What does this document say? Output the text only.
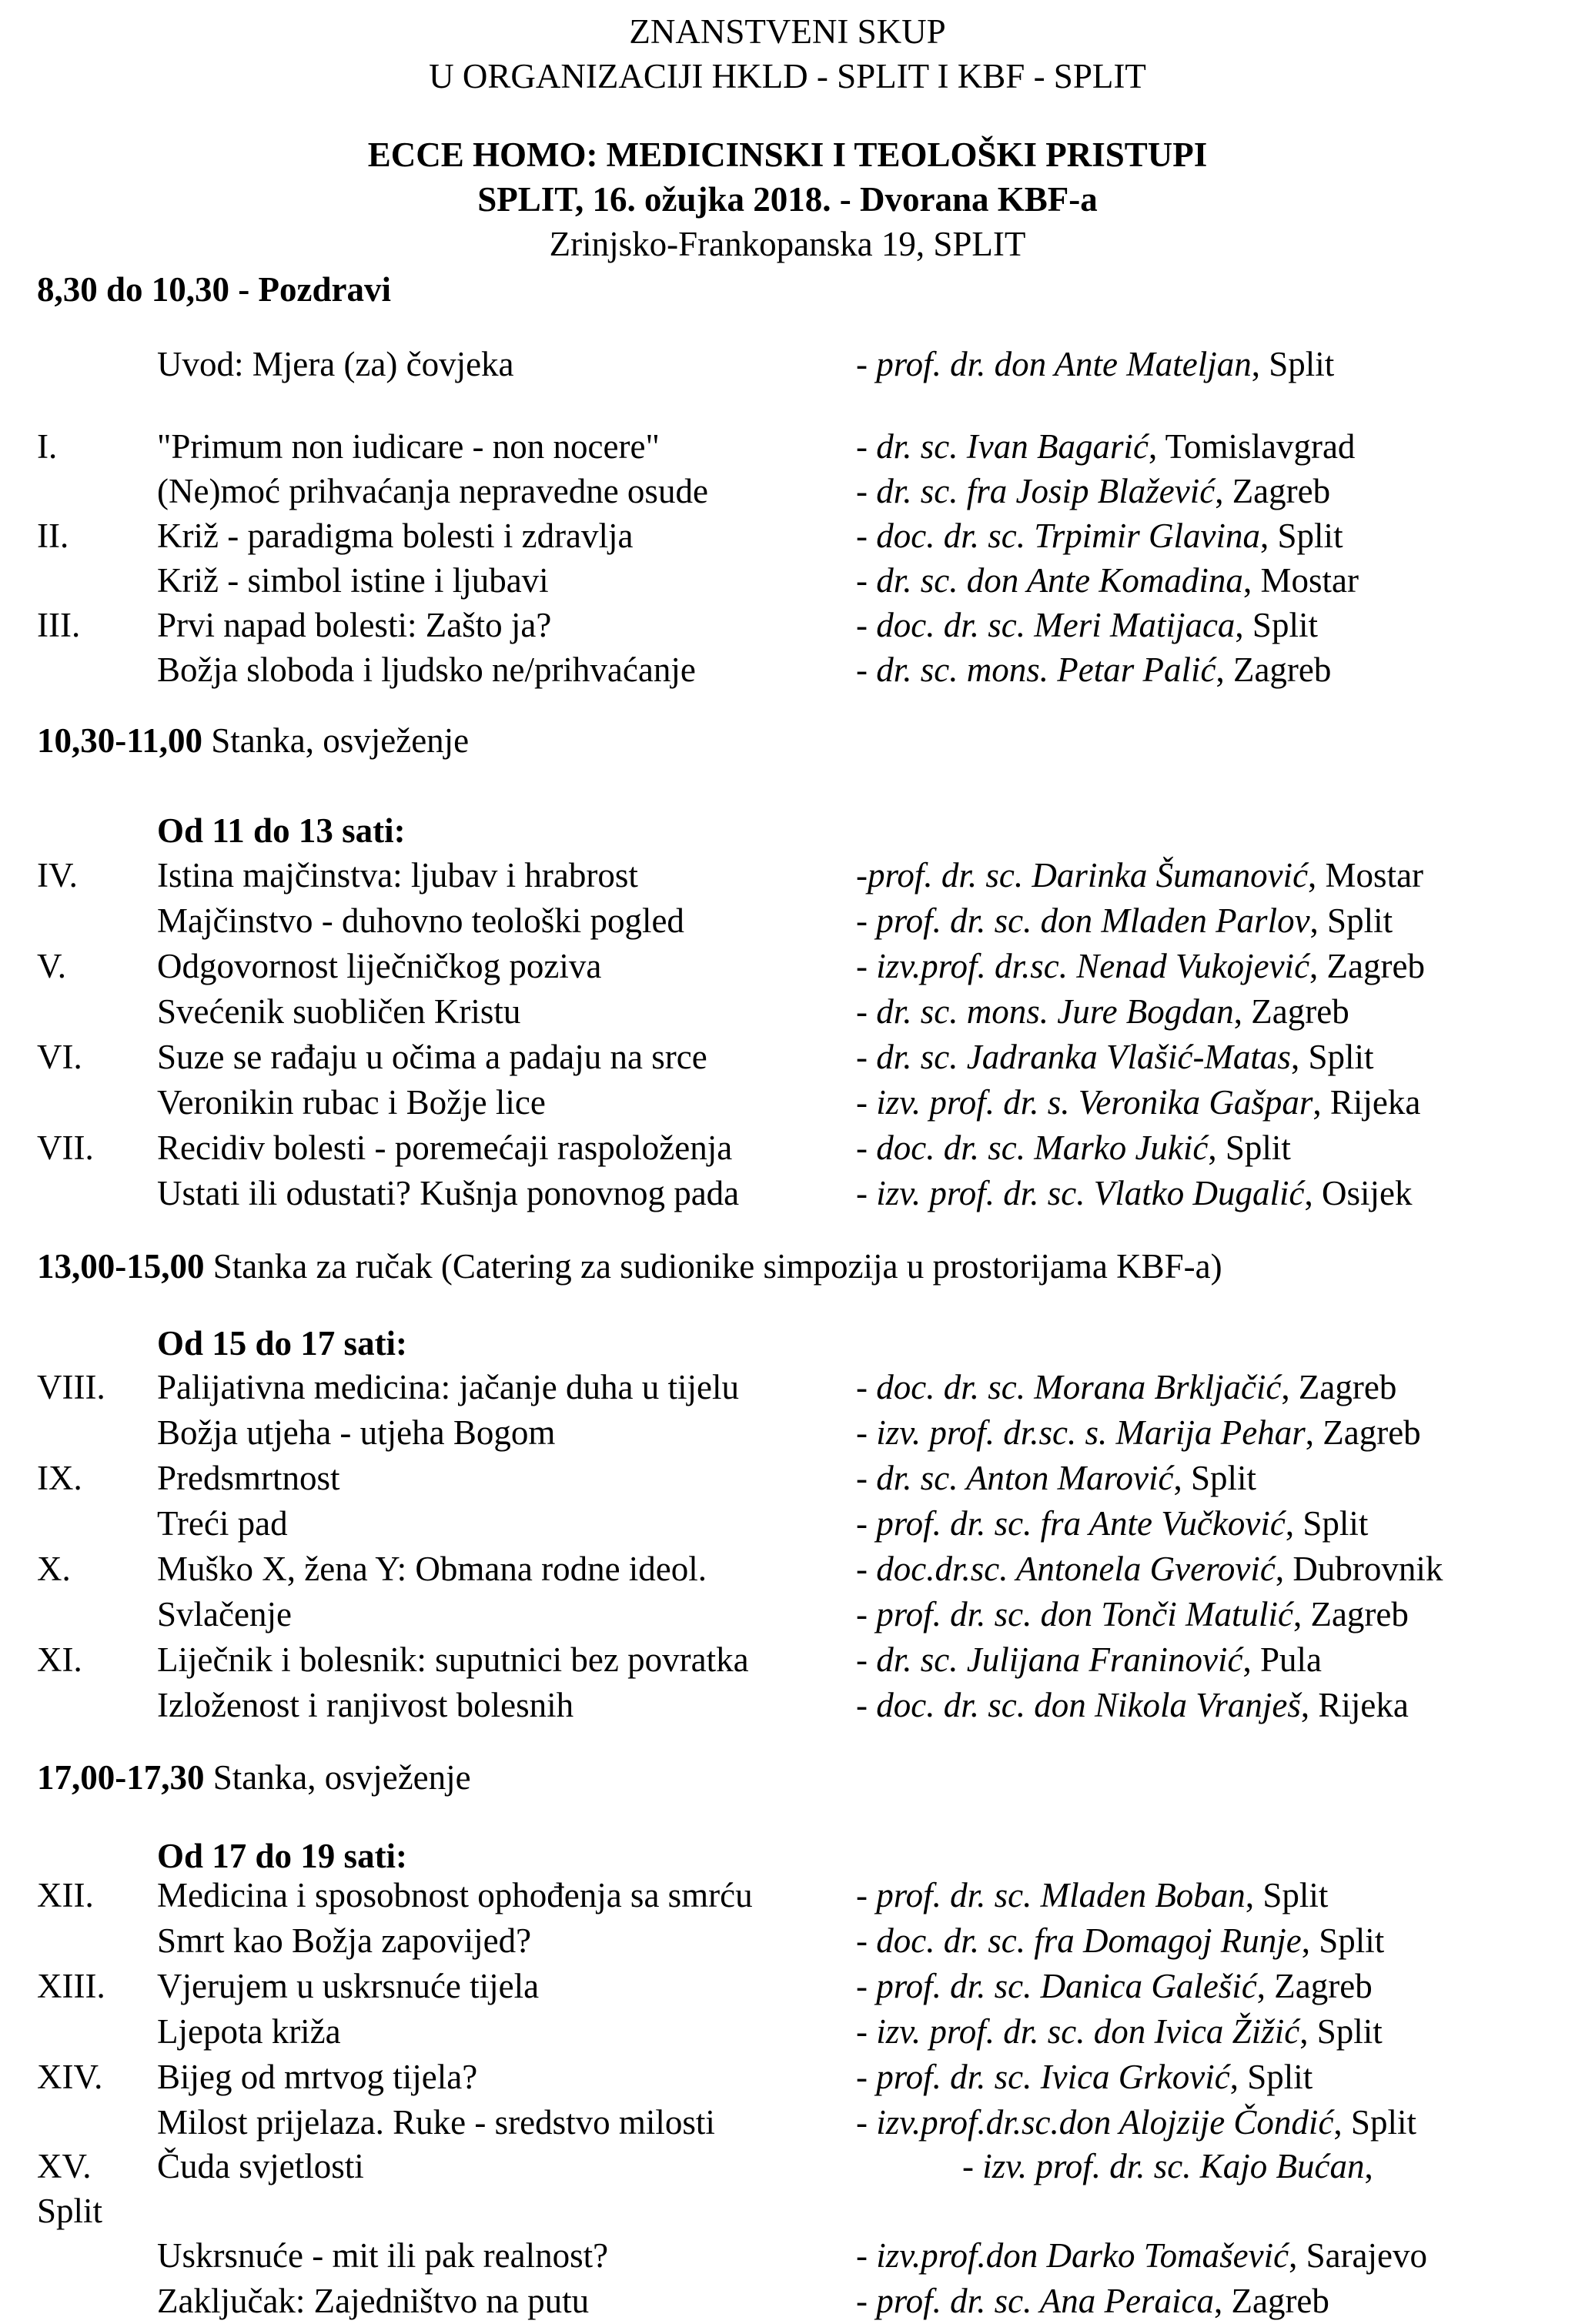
ZNANSTVENI SKUP
U ORGANIZACIJI HKLD - SPLIT I KBF - SPLIT
ECCE HOMO: MEDICINSKI I TEOLOŠKI PRISTUPI
SPLIT, 16. ožujka 2018. - Dvorana KBF-a
Zrinjsko-Frankopanska 19, SPLIT
8,30 do 10,30 - Pozdravi
Uvod: Mjera (za) čovjeka	- prof. dr. don Ante Mateljan, Split
I.	"Primum non iudicare - non nocere"	- dr. sc. Ivan Bagarić, Tomislavgrad
(Ne)moć prihvaćanja nepravedne osude	- dr. sc. fra Josip Blažević, Zagreb
II.	Križ - paradigma bolesti i zdravlja	- doc. dr. sc. Trpimir Glavina, Split
Križ - simbol istine i ljubavi	- dr. sc. don Ante Komadina, Mostar
III. Prvi napad bolesti: Zašto ja?	- doc. dr. sc. Meri Matijaca, Split
Božja sloboda i ljudsko ne/prihvaćanje	- dr. sc. mons. Petar Palić, Zagreb
10,30-11,00 Stanka, osvježenje
Od 11 do 13 sati:
IV. Istina majčinstva: ljubav i hrabrost	-prof. dr. sc. Darinka Šumanović, Mostar
Majčinstvo - duhovno teološki pogled	- prof. dr. sc. don Mladen Parlov, Split
V.	Odgovornost liječničkog poziva	- izv.prof. dr.sc. Nenad Vukojević, Zagreb
Svećenik suobličen Kristu	- dr. sc. mons. Jure Bogdan, Zagreb
VI. Suze se rađaju u očima a padaju na srce	- dr. sc. Jadranka Vlašić-Matas, Split
Veronikin rubac i Božje lice	- izv. prof. dr. s. Veronika Gašpar, Rijeka
VII. Recidiv bolesti - poremećaji raspoloženja	- doc. dr. sc. Marko Jukić, Split
Ustati ili odustati? Kušnja ponovnog pada	- izv. prof. dr. sc. Vlatko Dugalić, Osijek
13,00-15,00 Stanka za ručak (Catering za sudionike simpozija u prostorijama KBF-a)
Od 15 do 17 sati:
VIII. Palijativna medicina: jačanje duha u tijelu	- doc. dr. sc. Morana Brkljačić, Zagreb
Božja utjeha - utjeha Bogom	- izv. prof. dr.sc. s. Marija Pehar, Zagreb
IX. Predsmrtnost	- dr. sc. Anton Marović, Split
Treći pad	- prof. dr. sc. fra Ante Vučković, Split
X. Muško X, žena Y: Obmana rodne ideol.	- doc.dr.sc. Antonela Gverović, Dubrovnik
Svlačenje	- prof. dr. sc. don Tonči Matulić, Zagreb
XI. Liječnik i bolesnik: suputnici bez povratka	- dr. sc. Julijana Franinović, Pula
Izloženost i ranjivost bolesnih	- doc. dr. sc. don Nikola Vranješ, Rijeka
17,00-17,30 Stanka, osvježenje
Od 17 do 19 sati:
XII. Medicina i sposobnost ophođenja sa smrću	- prof. dr. sc. Mladen Boban, Split
Smrt kao Božja zapovijed?	- doc. dr. sc. fra Domagoj Runje, Split
XIII. Vjerujem u uskrsnuće tijela	- prof. dr. sc. Danica Galešić, Zagreb
Ljepota križa	- izv. prof. dr. sc. don Ivica Žižić, Split
XIV. Bijeg od mrtvog tijela?	- prof. dr. sc. Ivica Grković, Split
Milost prijelaza. Ruke - sredstvo milosti	- izv.prof.dr.sc.don Alojzije Čondić, Split
XV. Čuda svjetlosti	- izv. prof. dr. sc. Kajo Bućan,
Split
Uskrsnuće - mit ili pak realnost?	- izv.prof.don Darko Tomašević, Sarajevo
Zaključak: Zajedništvo na putu	- prof. dr. sc. Ana Peraica, Zagreb
